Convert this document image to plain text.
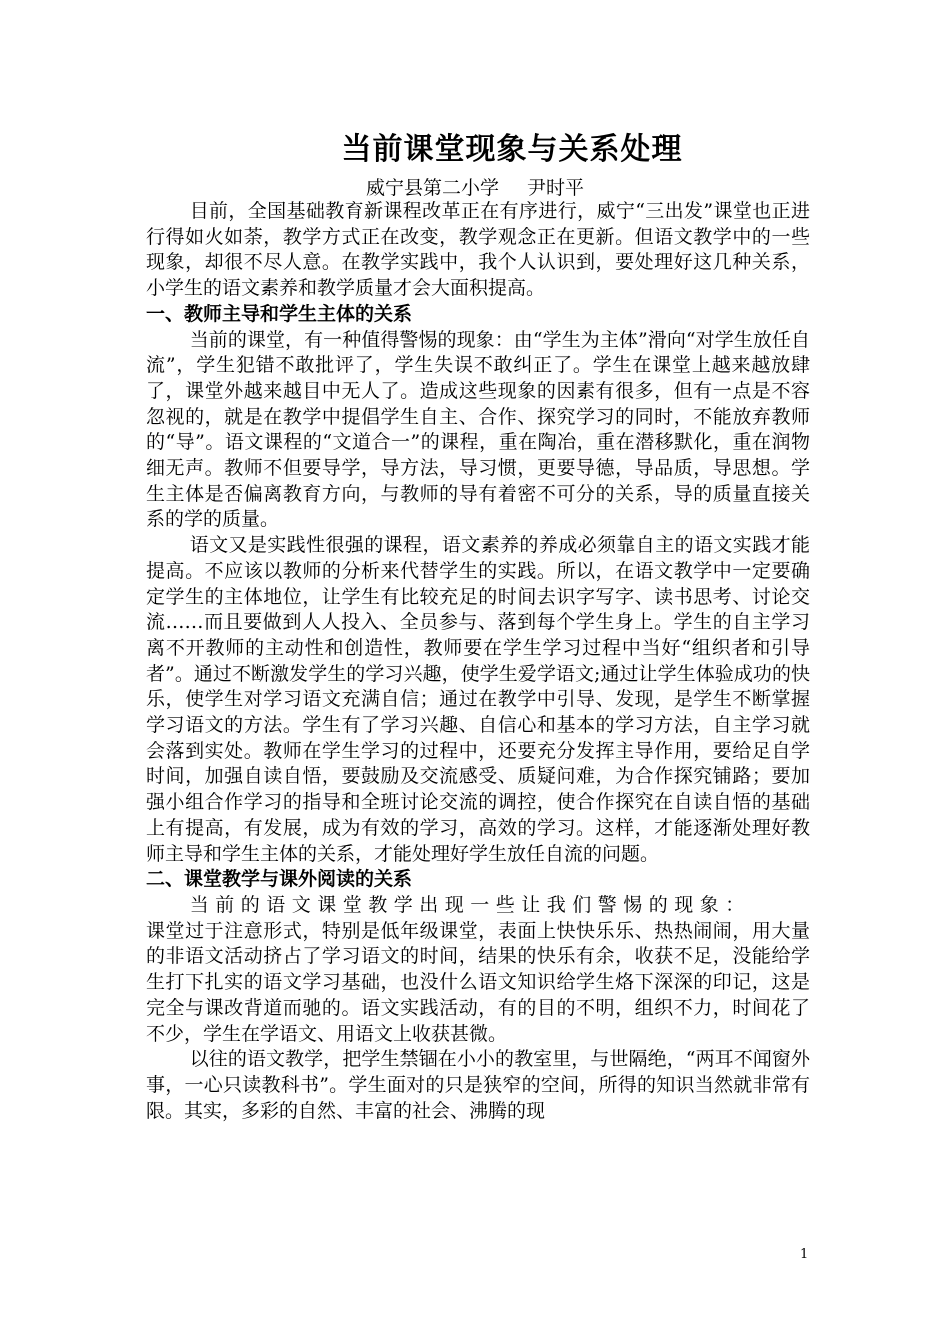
当前课堂现象与关系处理
威宁县第二小学 尹时平

目前，全国基础教育新课程改革正在有序进行，威宁“三出发”课堂也正进行得如火如荼，教学方式正在改变，教学观念正在更新。但语文教学中的一些现象，却很不尽人意。在教学实践中，我个人认识到，要处理好这几种关系，小学生的语文素养和教学质量才会大面积提高。

一、教师主导和学生主体的关系

当前的课堂，有一种值得警惕的现象：由“学生为主体”滑向“对学生放任自流”，学生犯错不敢批评了，学生失误不敢纠正了。学生在课堂上越来越放肆了，课堂外越来越目中无人了。造成这些现象的因素有很多，但有一点是不容忽视的，就是在教学中提倡学生自主、合作、探究学习的同时，不能放弃教师的“导”。语文课程的“文道合一”的课程，重在陶冶，重在潜移默化，重在润物细无声。教师不但要导学，导方法，导习惯，更要导德，导品质，导思想。学生主体是否偏离教育方向，与教师的导有着密不可分的关系，导的质量直接关系的学的质量。

语文又是实践性很强的课程，语文素养的养成必须靠自主的语文实践才能提高。不应该以教师的分析来代替学生的实践。所以，在语文教学中一定要确定学生的主体地位，让学生有比较充足的时间去识字写字、读书思考、讨论交流……而且要做到人人投入、全员参与、落到每个学生身上。学生的自主学习离不开教师的主动性和创造性，教师要在学生学习过程中当好“组织者和引导者”。通过不断激发学生的学习兴趣，使学生爱学语文;通过让学生体验成功的快乐，使学生对学习语文充满自信；通过在教学中引导、发现，是学生不断掌握学习语文的方法。学生有了学习兴趣、自信心和基本的学习方法，自主学习就会落到实处。教师在学生学习的过程中，还要充分发挥主导作用，要给足自学时间，加强自读自悟，要鼓励及交流感受、质疑问难，为合作探究铺路；要加强小组合作学习的指导和全班讨论交流的调控，使合作探究在自读自悟的基础上有提高，有发展，成为有效的学习，高效的学习。这样，才能逐渐处理好教师主导和学生主体的关系，才能处理好学生放任自流的问题。

二、课堂教学与课外阅读的关系

当前的语文课堂教学出现一些让我们警惕的现象：

课堂过于注意形式，特别是低年级课堂，表面上快快乐乐、热热闹闹，用大量的非语文活动挤占了学习语文的时间，结果的快乐有余，收获不足，没能给学生打下扎实的语文学习基础，也没什么语文知识给学生烙下深深的印记，这是完全与课改背道而驰的。语文实践活动，有的目的不明，组织不力，时间花了不少，学生在学语文、用语文上收获甚微。

以往的语文教学，把学生禁锢在小小的教室里，与世隔绝，“两耳不闻窗外事，一心只读教科书”。学生面对的只是狭窄的空间，所得的知识当然就非常有限。其实，多彩的自然、丰富的社会、沸腾的现

1
